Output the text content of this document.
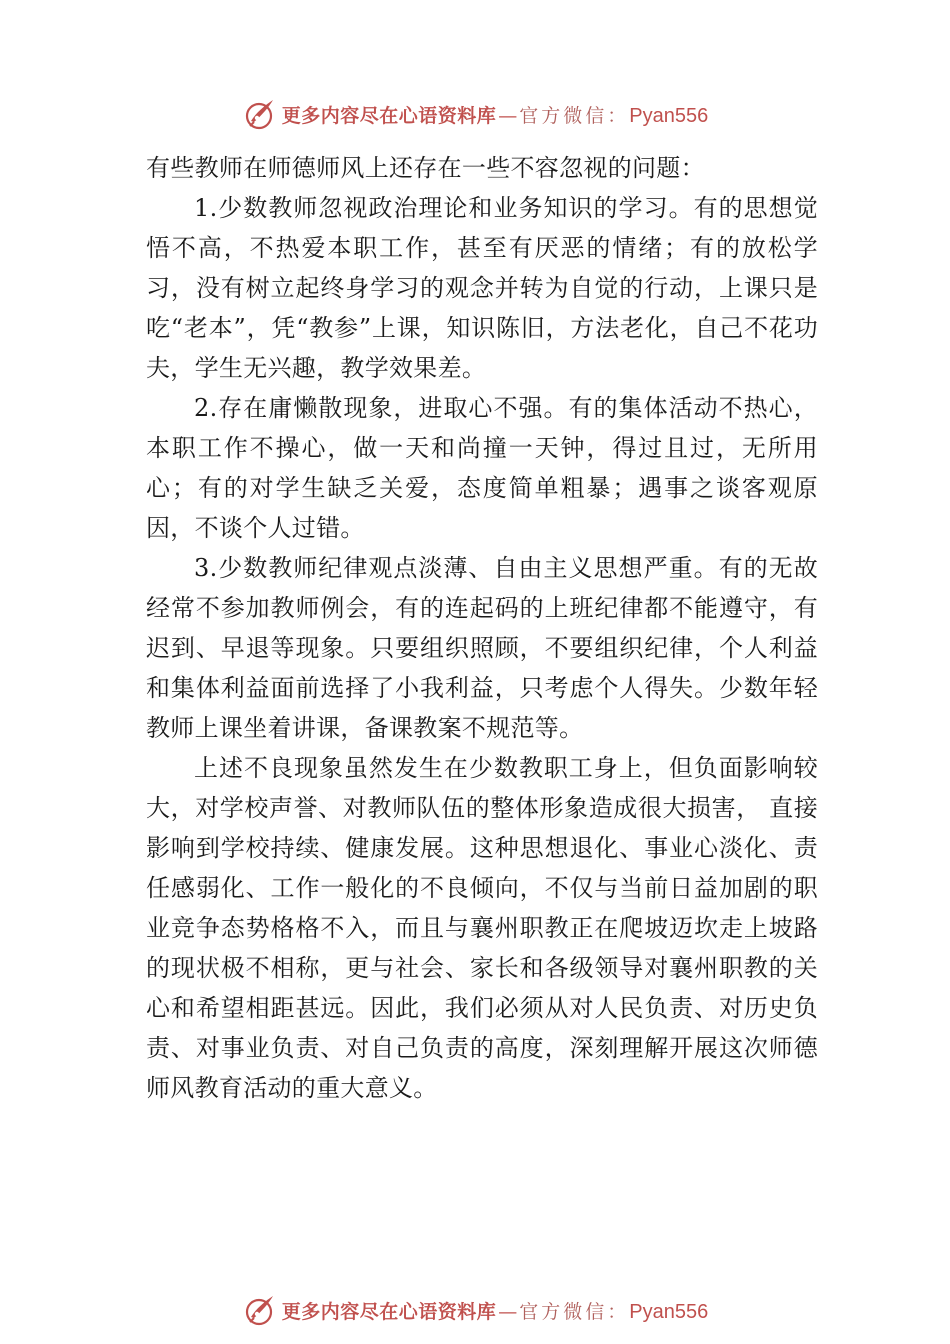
更多内容尽在心语资料库 — 官方微信： Pyan556

有些教师在师德师风上还存在一些不容忽视的问题：

1.少数教师忽视政治理论和业务知识的学习。有的思想觉悟不高，不热爱本职工作，甚至有厌恶的情绪；有的放松学习，没有树立起终身学习的观念并转为自觉的行动，上课只是吃“老本”，凭“教参”上课，知识陈旧，方法老化，自己不花功夫，学生无兴趣，教学效果差。

2.存在庸懒散现象，进取心不强。有的集体活动不热心，本职工作不操心，做一天和尚撞一天钟，得过且过，无所用心；有的对学生缺乏关爱，态度简单粗暴；遇事之谈客观原因，不谈个人过错。

3.少数教师纪律观点淡薄、自由主义思想严重。有的无故经常不参加教师例会，有的连起码的上班纪律都不能遵守，有迟到、早退等现象。只要组织照顾，不要组织纪律，个人利益和集体利益面前选择了小我利益，只考虑个人得失。少数年轻教师上课坐着讲课，备课教案不规范等。

上述不良现象虽然发生在少数教职工身上，但负面影响较大，对学校声誉、对教师队伍的整体形象造成很大损害， 直接影响到学校持续、健康发展。这种思想退化、事业心淡化、责任感弱化、工作一般化的不良倾向，不仅与当前日益加剧的职业竞争态势格格不入，而且与襄州职教正在爬坡迈坎走上坡路的现状极不相称，更与社会、家长和各级领导对襄州职教的关心和希望相距甚远。因此，我们必须从对人民负责、对历史负责、对事业负责、对自己负责的高度，深刻理解开展这次师德师风教育活动的重大意义。

更多内容尽在心语资料库 — 官方微信： Pyan556
